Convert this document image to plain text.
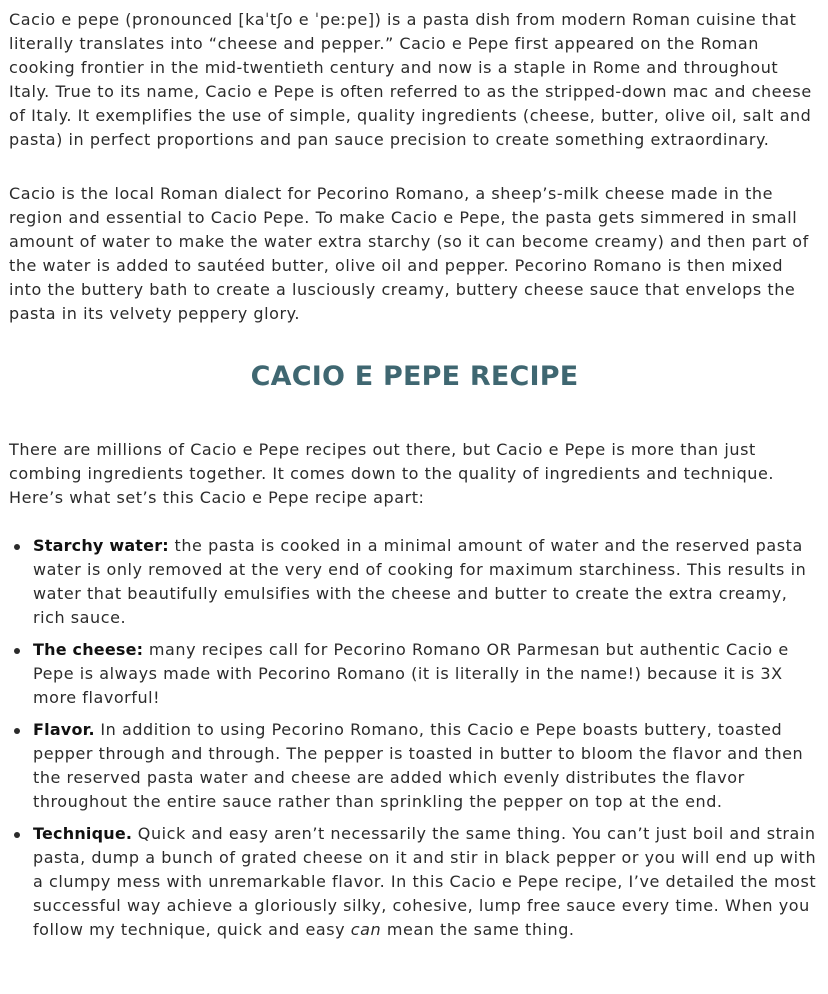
Cacio e pepe (pronounced [kaˈtʃo e ˈpeːpe]) is a pasta dish from modern Roman cuisine that literally translates into “cheese and pepper.” Cacio e Pepe first appeared on the Roman cooking frontier in the mid-twentieth century and now is a staple in Rome and throughout Italy. True to its name, Cacio e Pepe is often referred to as the stripped-down mac and cheese of Italy. It exemplifies the use of simple, quality ingredients (cheese, butter, olive oil, salt and pasta) in perfect proportions and pan sauce precision to create something extraordinary.

Cacio is the local Roman dialect for Pecorino Romano, a sheep’s-milk cheese made in the region and essential to Cacio Pepe. To make Cacio e Pepe, the pasta gets simmered in small amount of water to make the water extra starchy (so it can become creamy) and then part of the water is added to sautéed butter, olive oil and pepper. Pecorino Romano is then mixed into the buttery bath to create a lusciously creamy, buttery cheese sauce that envelops the pasta in its velvety peppery glory.

CACIO E PEPE RECIPE

There are millions of Cacio e Pepe recipes out there, but Cacio e Pepe is more than just combing ingredients together. It comes down to the quality of ingredients and technique. Here’s what set’s this Cacio e Pepe recipe apart:

Starchy water: the pasta is cooked in a minimal amount of water and the reserved pasta water is only removed at the very end of cooking for maximum starchiness. This results in water that beautifully emulsifies with the cheese and butter to create the extra creamy, rich sauce.
The cheese: many recipes call for Pecorino Romano OR Parmesan but authentic Cacio e Pepe is always made with Pecorino Romano (it is literally in the name!) because it is 3X more flavorful!
Flavor. In addition to using Pecorino Romano, this Cacio e Pepe boasts buttery, toasted pepper through and through. The pepper is toasted in butter to bloom the flavor and then the reserved pasta water and cheese are added which evenly distributes the flavor throughout the entire sauce rather than sprinkling the pepper on top at the end.
Technique. Quick and easy aren’t necessarily the same thing. You can’t just boil and strain pasta, dump a bunch of grated cheese on it and stir in black pepper or you will end up with a clumpy mess with unremarkable flavor. In this Cacio e Pepe recipe, I’ve detailed the most successful way achieve a gloriously silky, cohesive, lump free sauce every time. When you follow my technique, quick and easy can mean the same thing.
